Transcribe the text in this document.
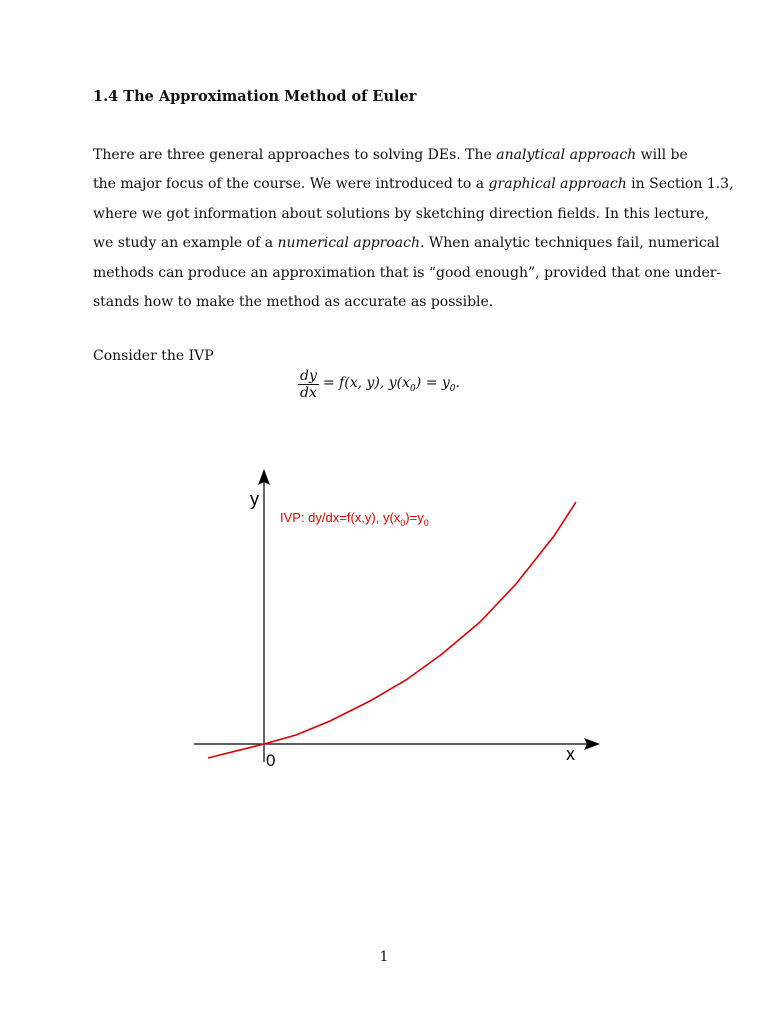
1.4 The Approximation Method of Euler
There are three general approaches to solving DEs. The analytical approach will be
the major focus of the course. We were introduced to a graphical approach in Section 1.3,
where we got information about solutions by sketching direction fields. In this lecture,
we study an example of a numerical approach. When analytic techniques fail, numerical
methods can produce an approximation that is “good enough”, provided that one under-
stands how to make the method as accurate as possible.
Consider the IVP
$\frac{dy}{dx} = f(x$, y), $y(x_0) = y_0$.
y
x
0
IVP: dy/dx=f(x,y), $y(x_0)=y_0$
1
